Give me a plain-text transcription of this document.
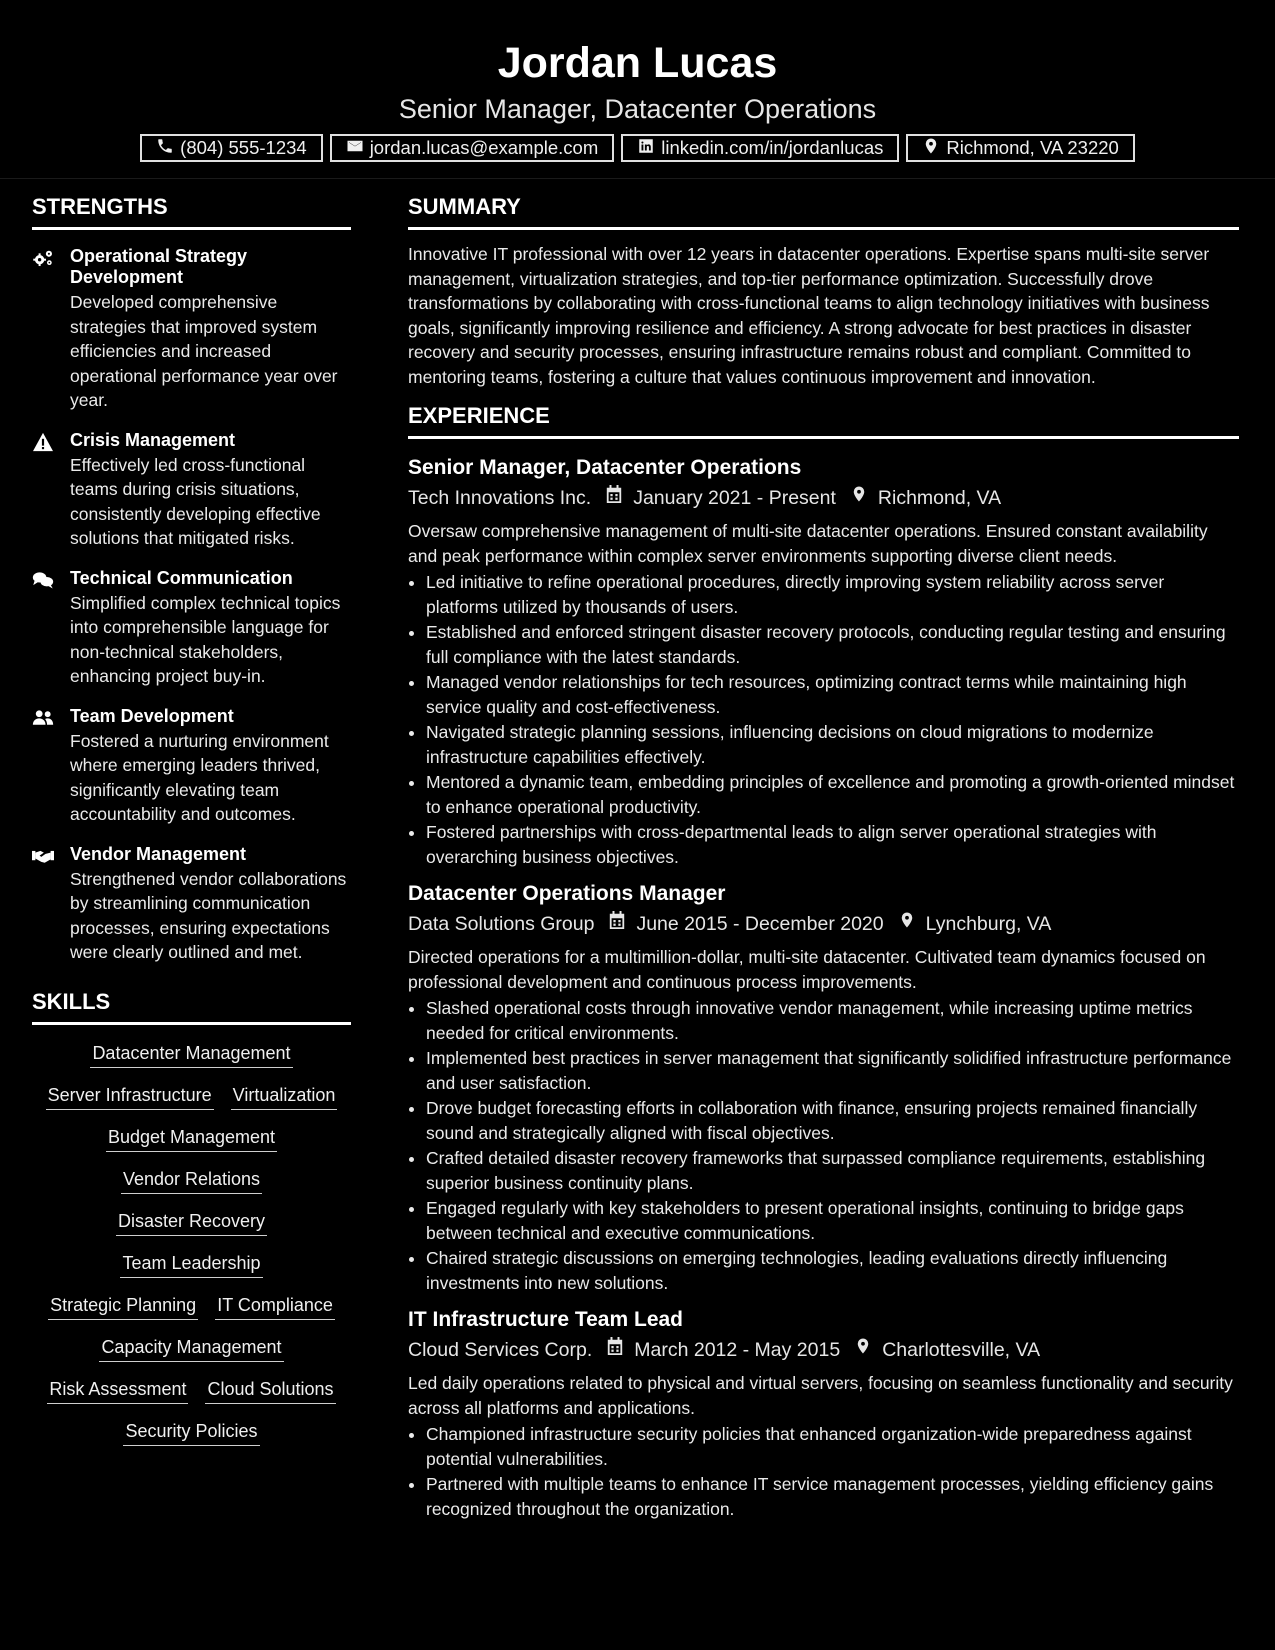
Jordan Lucas
Senior Manager, Datacenter Operations
(804) 555-1234	jordan.lucas@example.com	linkedin.com/in/jordanlucas	Richmond, VA 23220
STRENGTHS
Operational Strategy Development
Developed comprehensive strategies that improved system efficiencies and increased operational performance year over year.
Crisis Management
Effectively led cross-functional teams during crisis situations, consistently developing effective solutions that mitigated risks.
Technical Communication
Simplified complex technical topics into comprehensible language for non-technical stakeholders, enhancing project buy-in.
Team Development
Fostered a nurturing environment where emerging leaders thrived, significantly elevating team accountability and outcomes.
Vendor Management
Strengthened vendor collaborations by streamlining communication processes, ensuring expectations were clearly outlined and met.
SKILLS
Datacenter Management
Server Infrastructure Virtualization
Budget Management
Vendor Relations
Disaster Recovery
Team Leadership
Strategic Planning IT Compliance
Capacity Management
Risk Assessment Cloud Solutions
Security Policies
SUMMARY
Innovative IT professional with over 12 years in datacenter operations. Expertise spans multi-site server management, virtualization strategies, and top-tier performance optimization. Successfully drove transformations by collaborating with cross-functional teams to align technology initiatives with business goals, significantly improving resilience and efficiency. A strong advocate for best practices in disaster recovery and security processes, ensuring infrastructure remains robust and compliant. Committed to mentoring teams, fostering a culture that values continuous improvement and innovation.
EXPERIENCE
Senior Manager, Datacenter Operations
Tech Innovations Inc. January 2021 - Present Richmond, VA
Oversaw comprehensive management of multi-site datacenter operations. Ensured constant availability and peak performance within complex server environments supporting diverse client needs.
• Led initiative to refine operational procedures, directly improving system reliability across server platforms utilized by thousands of users.
• Established and enforced stringent disaster recovery protocols, conducting regular testing and ensuring full compliance with the latest standards.
• Managed vendor relationships for tech resources, optimizing contract terms while maintaining high service quality and cost-effectiveness.
• Navigated strategic planning sessions, influencing decisions on cloud migrations to modernize infrastructure capabilities effectively.
• Mentored a dynamic team, embedding principles of excellence and promoting a growth-oriented mindset to enhance operational productivity.
• Fostered partnerships with cross-departmental leads to align server operational strategies with overarching business objectives.
Datacenter Operations Manager
Data Solutions Group June 2015 - December 2020 Lynchburg, VA
Directed operations for a multimillion-dollar, multi-site datacenter. Cultivated team dynamics focused on professional development and continuous process improvements.
• Slashed operational costs through innovative vendor management, while increasing uptime metrics needed for critical environments.
• Implemented best practices in server management that significantly solidified infrastructure performance and user satisfaction.
• Drove budget forecasting efforts in collaboration with finance, ensuring projects remained financially sound and strategically aligned with fiscal objectives.
• Crafted detailed disaster recovery frameworks that surpassed compliance requirements, establishing superior business continuity plans.
• Engaged regularly with key stakeholders to present operational insights, continuing to bridge gaps between technical and executive communications.
• Chaired strategic discussions on emerging technologies, leading evaluations directly influencing investments into new solutions.
IT Infrastructure Team Lead
Cloud Services Corp. March 2012 - May 2015 Charlottesville, VA
Led daily operations related to physical and virtual servers, focusing on seamless functionality and security across all platforms and applications.
• Championed infrastructure security policies that enhanced organization-wide preparedness against potential vulnerabilities.
• Partnered with multiple teams to enhance IT service management processes, yielding efficiency gains recognized throughout the organization.
